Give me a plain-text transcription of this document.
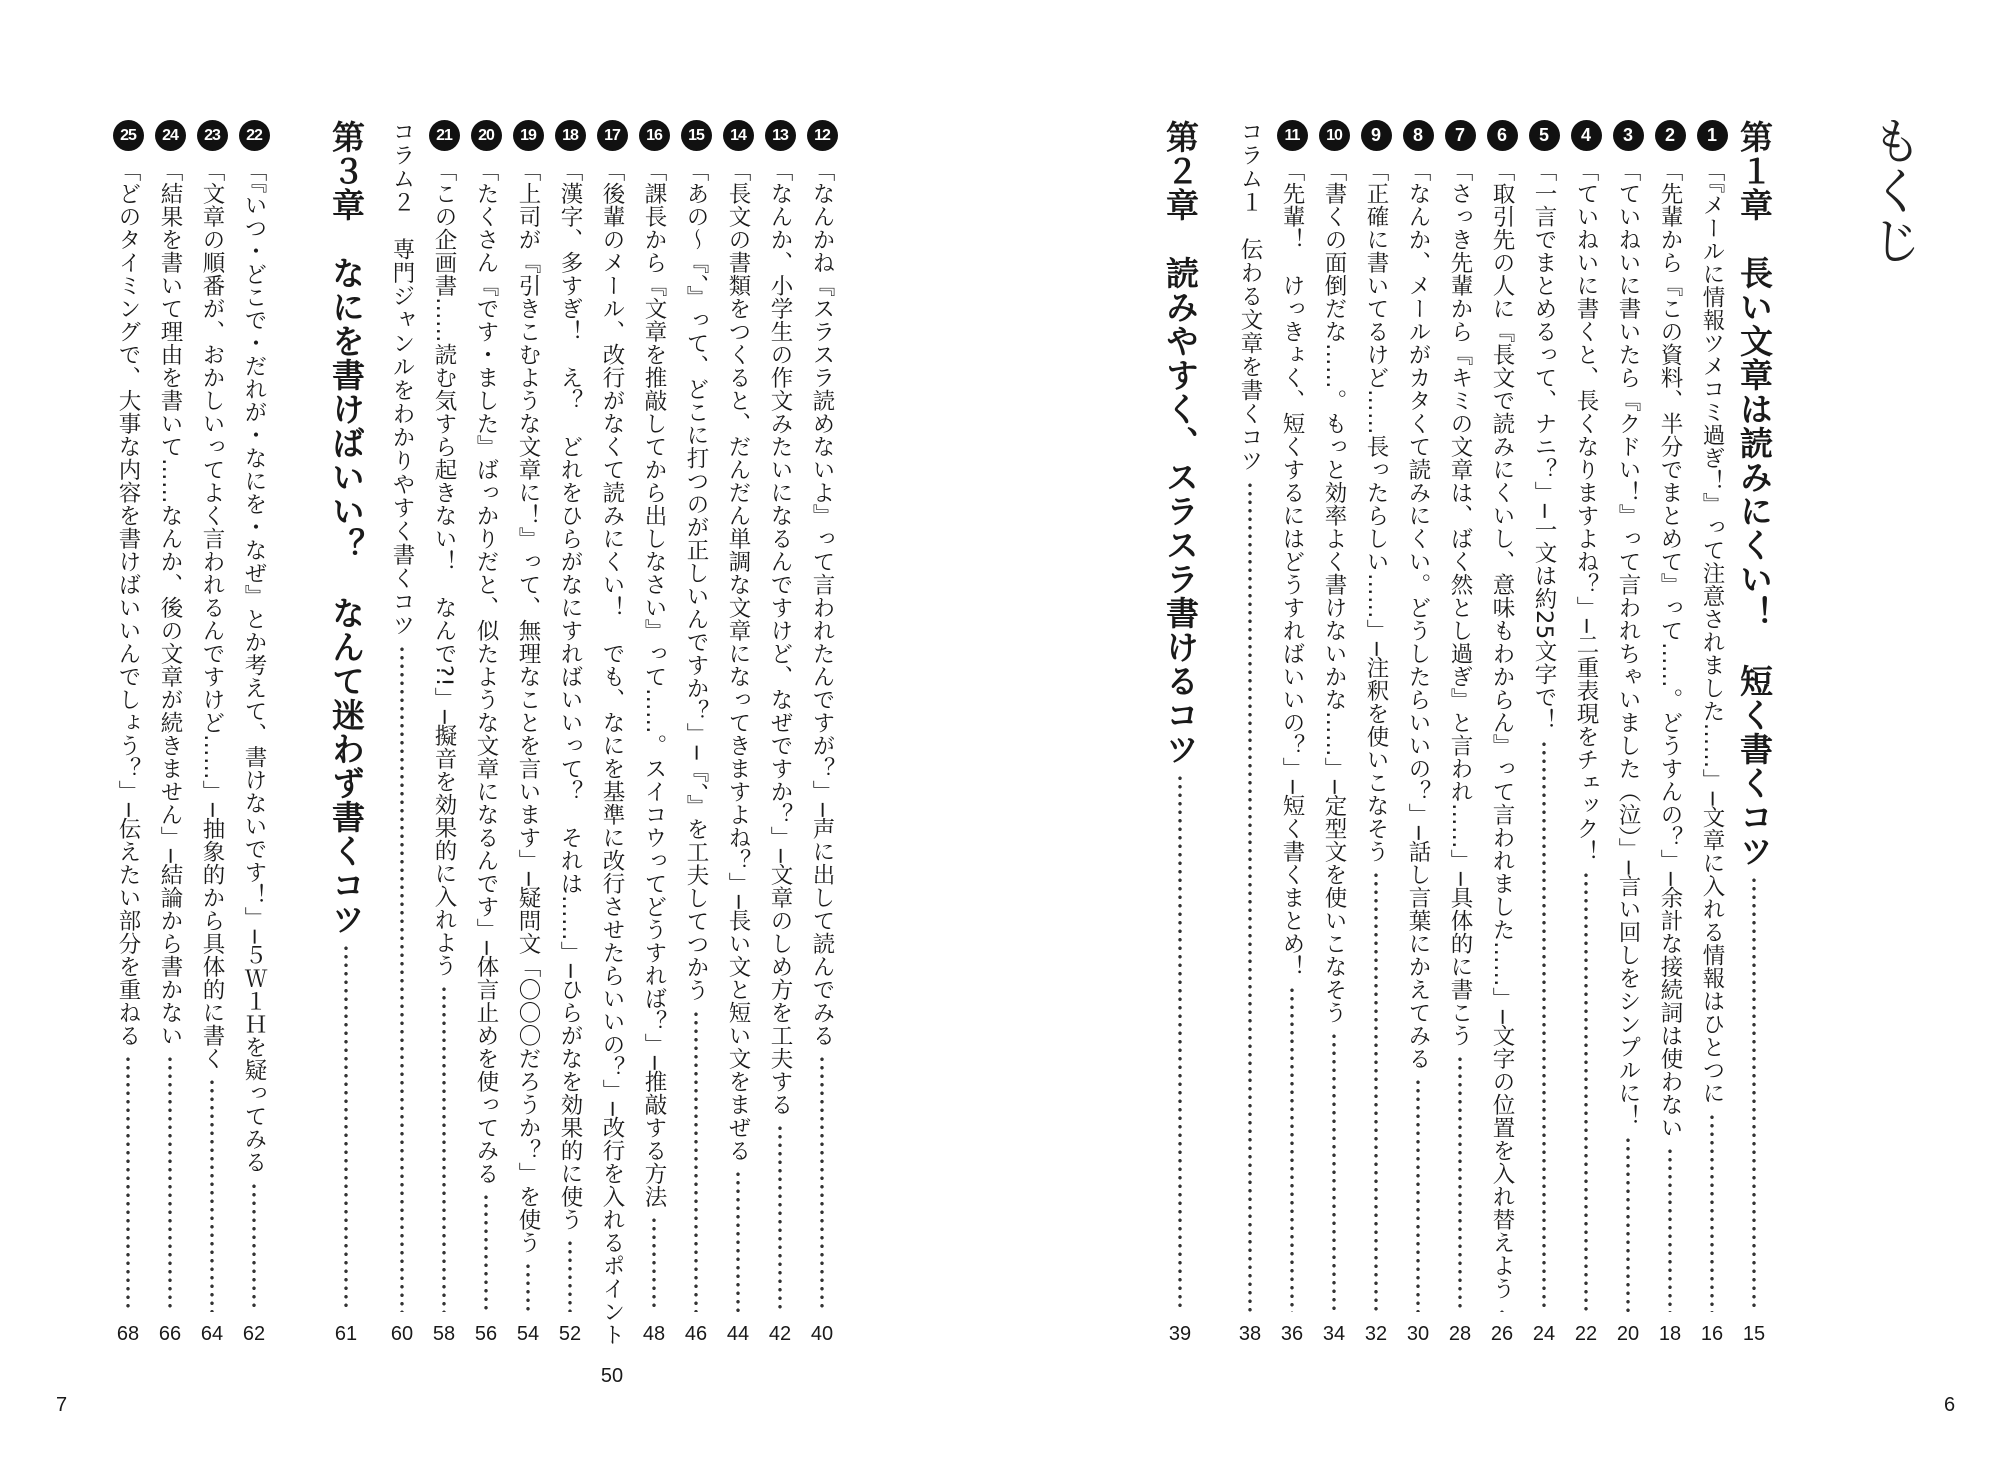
もくじ
7	6
第１章　長い文章は読みにくい！　短く書くコツ
15
1
「『メールに情報ツメコミ過ぎ！』って注意されました……」─文章に入れる情報はひとつに
16
2
「先輩から『この資料、半分でまとめて』って……。どうすんの？」─余計な接続詞は使わない
18
3
「ていねいに書いたら『クドい！』って言われちゃいました（泣）」─言い回しをシンプルに！
20
4
「ていねいに書くと、長くなりますよね？」─二重表現をチェック！
22
5
「一言でまとめるって、ナニ？」─一文は約25文字で！
24
6
「取引先の人に『長文で読みにくいし、意味もわからん』って言われました……」─文字の位置を入れ替えよう
26
7
「さっき先輩から『キミの文章は、ばく然とし過ぎ』と言われ……」─具体的に書こう
28
8
「なんか、メールがカタくて読みにくい。どうしたらいいの？」─話し言葉にかえてみる
30
9
「正確に書いてるけど……長ったらしい……」─注釈を使いこなそう
32
10
「書くの面倒だな……。もっと効率よく書けないかな……」─定型文を使いこなそう
34
11
「先輩！　けっきょく、短くするにはどうすればいいの？」─短く書くまとめ！
36
コラム１　伝わる文章を書くコツ
38
第２章　読みやすく、スラスラ書けるコツ
39
12
「なんかね『スラスラ読めないよ』って言われたんですが？」─声に出して読んでみる
40
13
「なんか、小学生の作文みたいになるんですけど、なぜですか？」─文章のしめ方を工夫する
42
14
「長文の書類をつくると、だんだん単調な文章になってきますよね？」─長い文と短い文をまぜる
44
15
「あの～『、』って、どこに打つのが正しいんですか？」─『、』を工夫してつかう
46
16
「課長から『文章を推敲してから出しなさい』って……。スイコウってどうすれば？」─推敲する方法
48
17
「後輩のメール、改行がなくて読みにくい！　でも、なにを基準に改行させたらいいの？」─改行を入れるポイント
50
18
「漢字、多すぎ！　え？　どれをひらがなにすればいいって？　それは……」─ひらがなを効果的に使う
52
19
「上司が『引きこむような文章に！』って、無理なことを言います」─疑問文「〇〇〇だろうか？」を使う
54
20
「たくさん『です・ました』ばっかりだと、似たような文章になるんです」─体言止めを使ってみる
56
21
「この企画書……読む気すら起きない！　なんで?!」─擬音を効果的に入れよう
58
コラム２　専門ジャンルをわかりやすく書くコツ
60
第３章　なにを書けばいい？　なんて迷わず書くコツ
61
22
「『いつ・どこで・だれが・なにを・なぜ』とか考えて、書けないです！」─５Ｗ１Ｈを疑ってみる
62
23
「文章の順番が、おかしいってよく言われるんですけど……」─抽象的から具体的に書く
64
24
「結果を書いて理由を書いて……なんか、後の文章が続きません」─結論から書かない
66
25
「どのタイミングで、大事な内容を書けばいいんでしょう？」─伝えたい部分を重ねる
68
